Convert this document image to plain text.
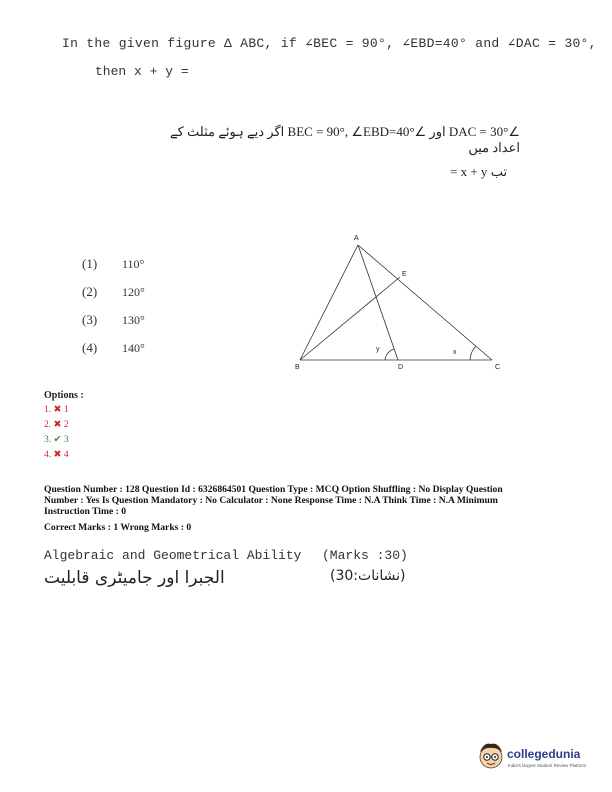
In the given figure Δ ABC, if ∠BEC = 90°, ∠EBD=40° and ∠DAC = 30°,
then x + y =
∠DAC = 30° اور ∠BEC = 90°, ∠EBD=40° اگر دیے ہوئے مثلث کے اعداد میں
تب x + y =
(1) 110°
(2) 120°
(3) 130°
(4) 140°
A
B	C
D
E
x
y
Options :
1. ✖ 1
2. ✖ 2
3. ✔ 3
4. ✖ 4
Question Number : 128 Question Id : 6326864501 Question Type : MCQ Option Shuffling : No Display Question
Number : Yes Is Question Mandatory : No Calculator : None Response Time : N.A Think Time : N.A Minimum
Instruction Time : 0
Correct Marks : 1 Wrong Marks : 0
Algebraic and Geometrical Ability (Marks :30)
الجبرا اور جامیٹری قابلیت	(نشانات:30)
collegedunia
India's largest Student Review Platform
